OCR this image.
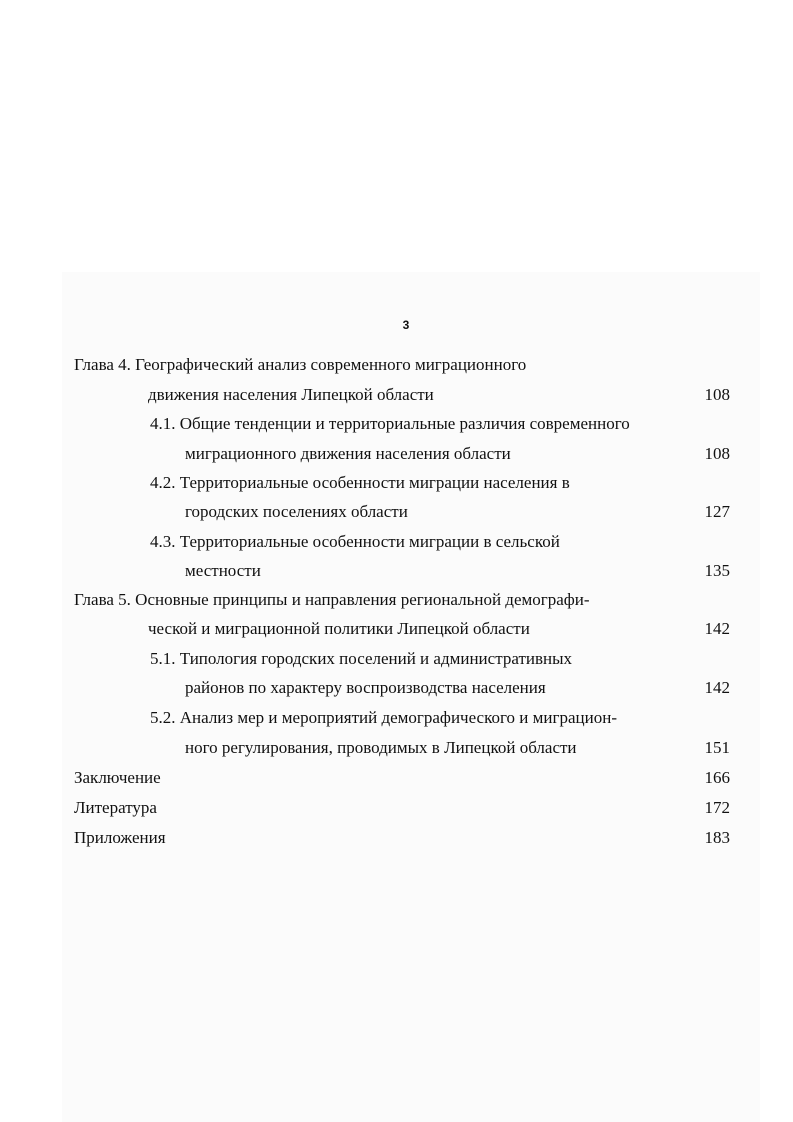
3
Глава 4. Географический анализ современного миграционного
движения населения Липецкой области	108
4.1. Общие тенденции и территориальные различия современного
миграционного движения населения области	108
4.2. Территориальные особенности миграции населения в
городских поселениях области	127
4.3. Территориальные особенности миграции в сельской
местности	135
Глава 5. Основные принципы и направления региональной демографи-
ческой и миграционной политики Липецкой области	142
5.1. Типология городских поселений и административных
районов по характеру воспроизводства населения	142
5.2. Анализ мер и мероприятий демографического и миграцион-
ного регулирования, проводимых в Липецкой области	151
Заключение	166
Литература	172
Приложения	183
